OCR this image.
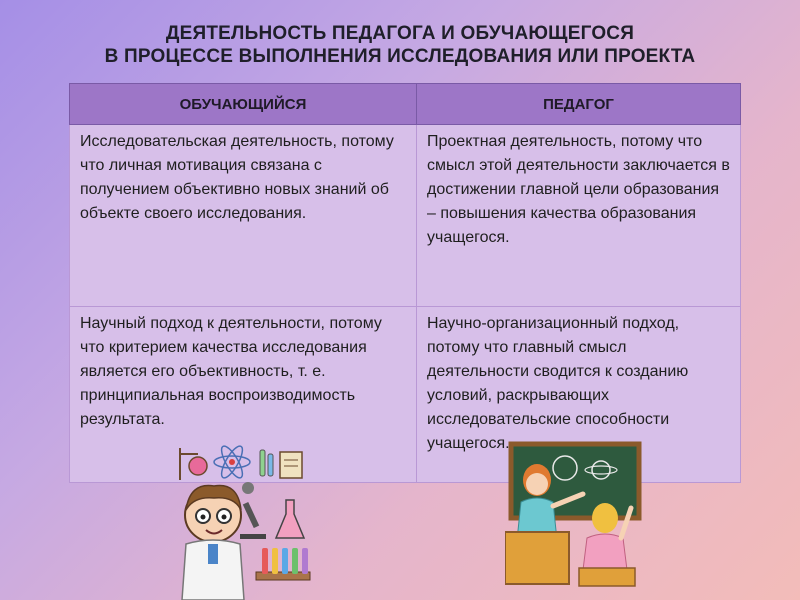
ДЕЯТЕЛЬНОСТЬ ПЕДАГОГА И ОБУЧАЮЩЕГОСЯ
В ПРОЦЕССЕ ВЫПОЛНЕНИЯ ИССЛЕДОВАНИЯ ИЛИ ПРОЕКТА
ОБУЧАЮЩИЙСЯ	ПЕДАГОГ
Исследовательская деятельность, потому что личная мотивация связана с получением объективно новых знаний об объекте своего исследования.	Проектная деятельность, потому что смысл этой деятельности заключается в достижении главной цели образования – повышения качества образования учащегося.
Научный подход к деятельности, потому что критерием качества исследования является его объективность, т. е. принципиальная воспроизводимость результата.	Научно-организационный подход, потому что главный смысл деятельности сводится к созданию условий, раскрывающих исследовательские способности учащегося.
